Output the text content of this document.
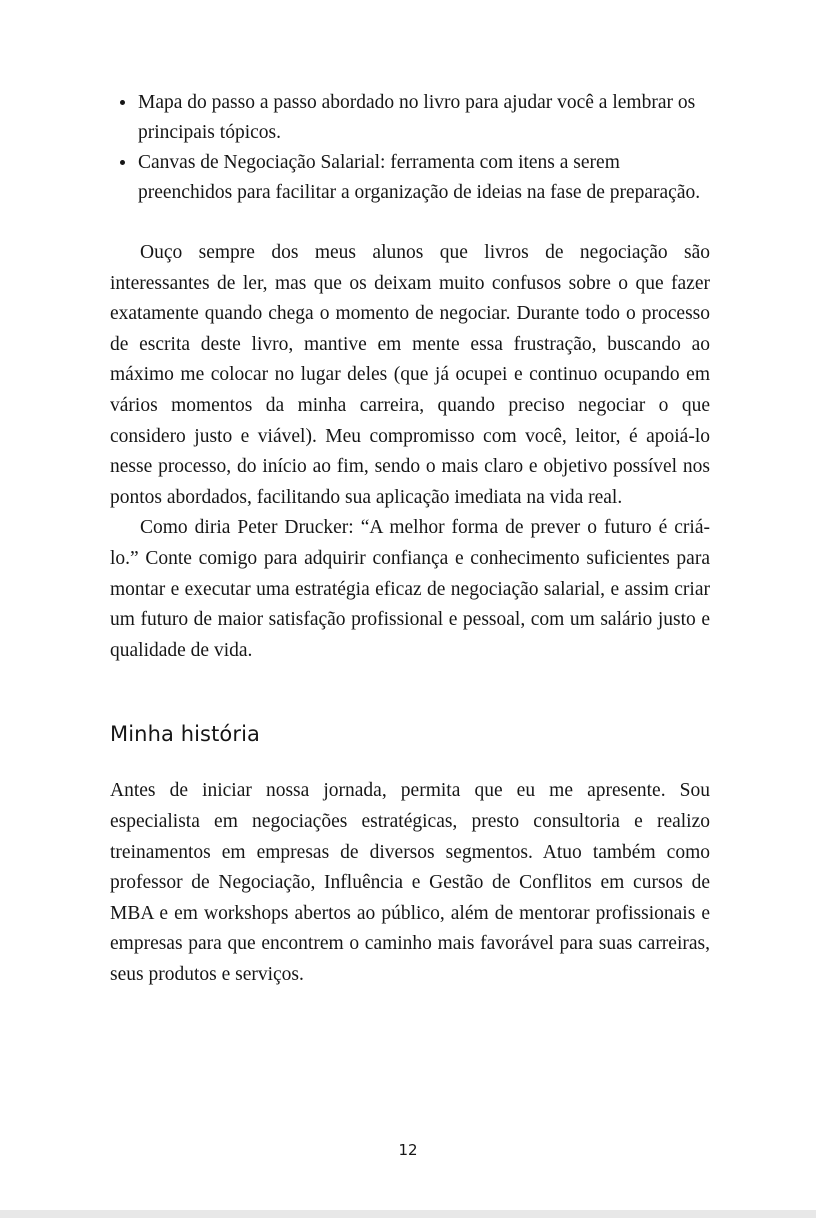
Mapa do passo a passo abordado no livro para ajudar você a lembrar os principais tópicos.
Canvas de Negociação Salarial: ferramenta com itens a serem preenchidos para facilitar a organização de ideias na fase de preparação.

Ouço sempre dos meus alunos que livros de negociação são interessantes de ler, mas que os deixam muito confusos sobre o que fazer exatamente quando chega o momento de negociar. Durante todo o processo de escrita deste livro, mantive em mente essa frustração, buscando ao máximo me colocar no lugar deles (que já ocupei e continuo ocupando em vários momentos da minha carreira, quando preciso negociar o que considero justo e viável). Meu compromisso com você, leitor, é apoiá-lo nesse processo, do início ao fim, sendo o mais claro e objetivo possível nos pontos abordados, facilitando sua aplicação imediata na vida real.

Como diria Peter Drucker: “A melhor forma de prever o futuro é criá-lo.” Conte comigo para adquirir confiança e conhecimento suficientes para montar e executar uma estratégia eficaz de negociação salarial, e assim criar um futuro de maior satisfação profissional e pessoal, com um salário justo e qualidade de vida.

Minha história

Antes de iniciar nossa jornada, permita que eu me apresente. Sou especialista em negociações estratégicas, presto consultoria e realizo treinamentos em empresas de diversos segmentos. Atuo também como professor de Negociação, Influência e Gestão de Conflitos em cursos de MBA e em workshops abertos ao público, além de mentorar profissionais e empresas para que encontrem o caminho mais favorável para suas carreiras, seus produtos e serviços.

12
